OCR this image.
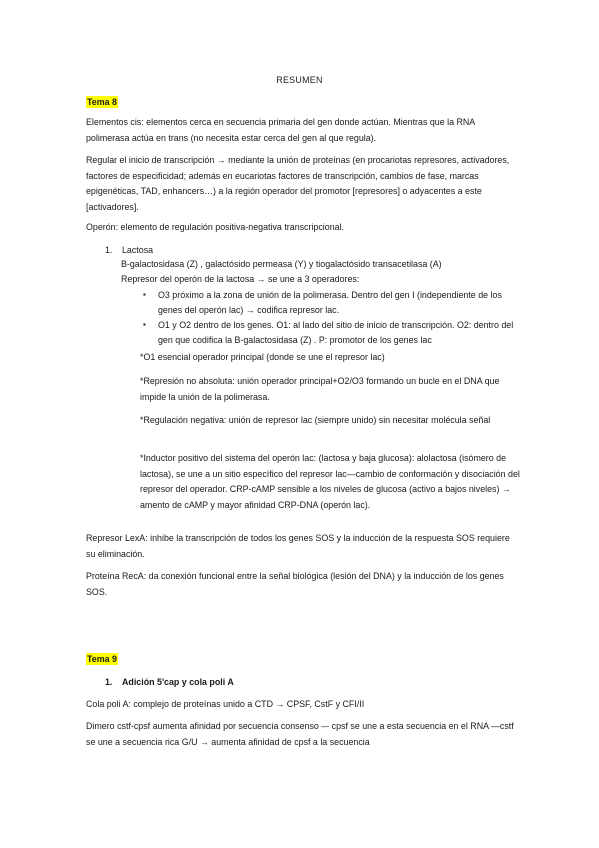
RESUMEN
Tema 8
Elementos cis: elementos cerca en secuencia primaria del gen donde actúan. Mientras que la RNA polimerasa actúa en trans (no necesita estar cerca del gen al que regula).
Regular el inicio de transcripción → mediante la unión de proteínas (en procariotas represores, activadores, factores de especificidad; además en eucariotas factores de transcripción, cambios de fase, marcas epigenéticas, TAD, enhancers…) a la región operador del promotor [represores] o adyacentes a este [activadores].
Operón: elemento de regulación positiva-negativa transcripcional.
1. Lactosa
B-galactosidasa (Z) , galactósido permeasa (Y) y tiogalactósido transacetilasa (A)
Represor del operón de la lactosa → se une a 3 operadores:
▪ O3 próximo a la zona de unión de la polimerasa. Dentro del gen I (independiente de los genes del operón lac) → codifica represor lac.
▪ O1 y O2 dentro de los genes. O1: al lado del sitio de inicio de transcripción. O2: dentro del gen que codifica la B-galactosidasa (Z) . P: promotor de los genes lac
*O1 esencial operador principal (donde se une el represor lac)
*Represión no absoluta: unión operador principal+O2/O3 formando un bucle en el DNA que impide la unión de la polimerasa.
*Regulación negativa: unión de represor lac (siempre unido) sin necesitar molécula señal
*Inductor positivo del sistema del operón lac: (lactosa y baja glucosa): alolactosa (isómero de lactosa), se une a un sitio específico del represor lac—cambio de conformación y disociación del represor del operador. CRP-cAMP sensible a los niveles de glucosa (activo a bajos niveles) → amento de cAMP y mayor afinidad CRP-DNA (operón lac).
Represor LexA: inhibe la transcripción de todos los genes SOS y la inducción de la respuesta SOS requiere su eliminación.
Proteína RecA: da conexión funcional entre la señal biológica (lesión del DNA) y la inducción de los genes SOS.
Tema 9
1. Adición 5'cap y cola poli A
Cola poli A: complejo de proteínas unido a CTD → CPSF, CstF y CFI/II
Dimero cstf-cpsf aumenta afinidad por secuencia consenso –- cpsf se une a esta secuencia en el RNA —cstf se une a secuencia rica G/U → aumenta afinidad de cpsf a la secuencia
